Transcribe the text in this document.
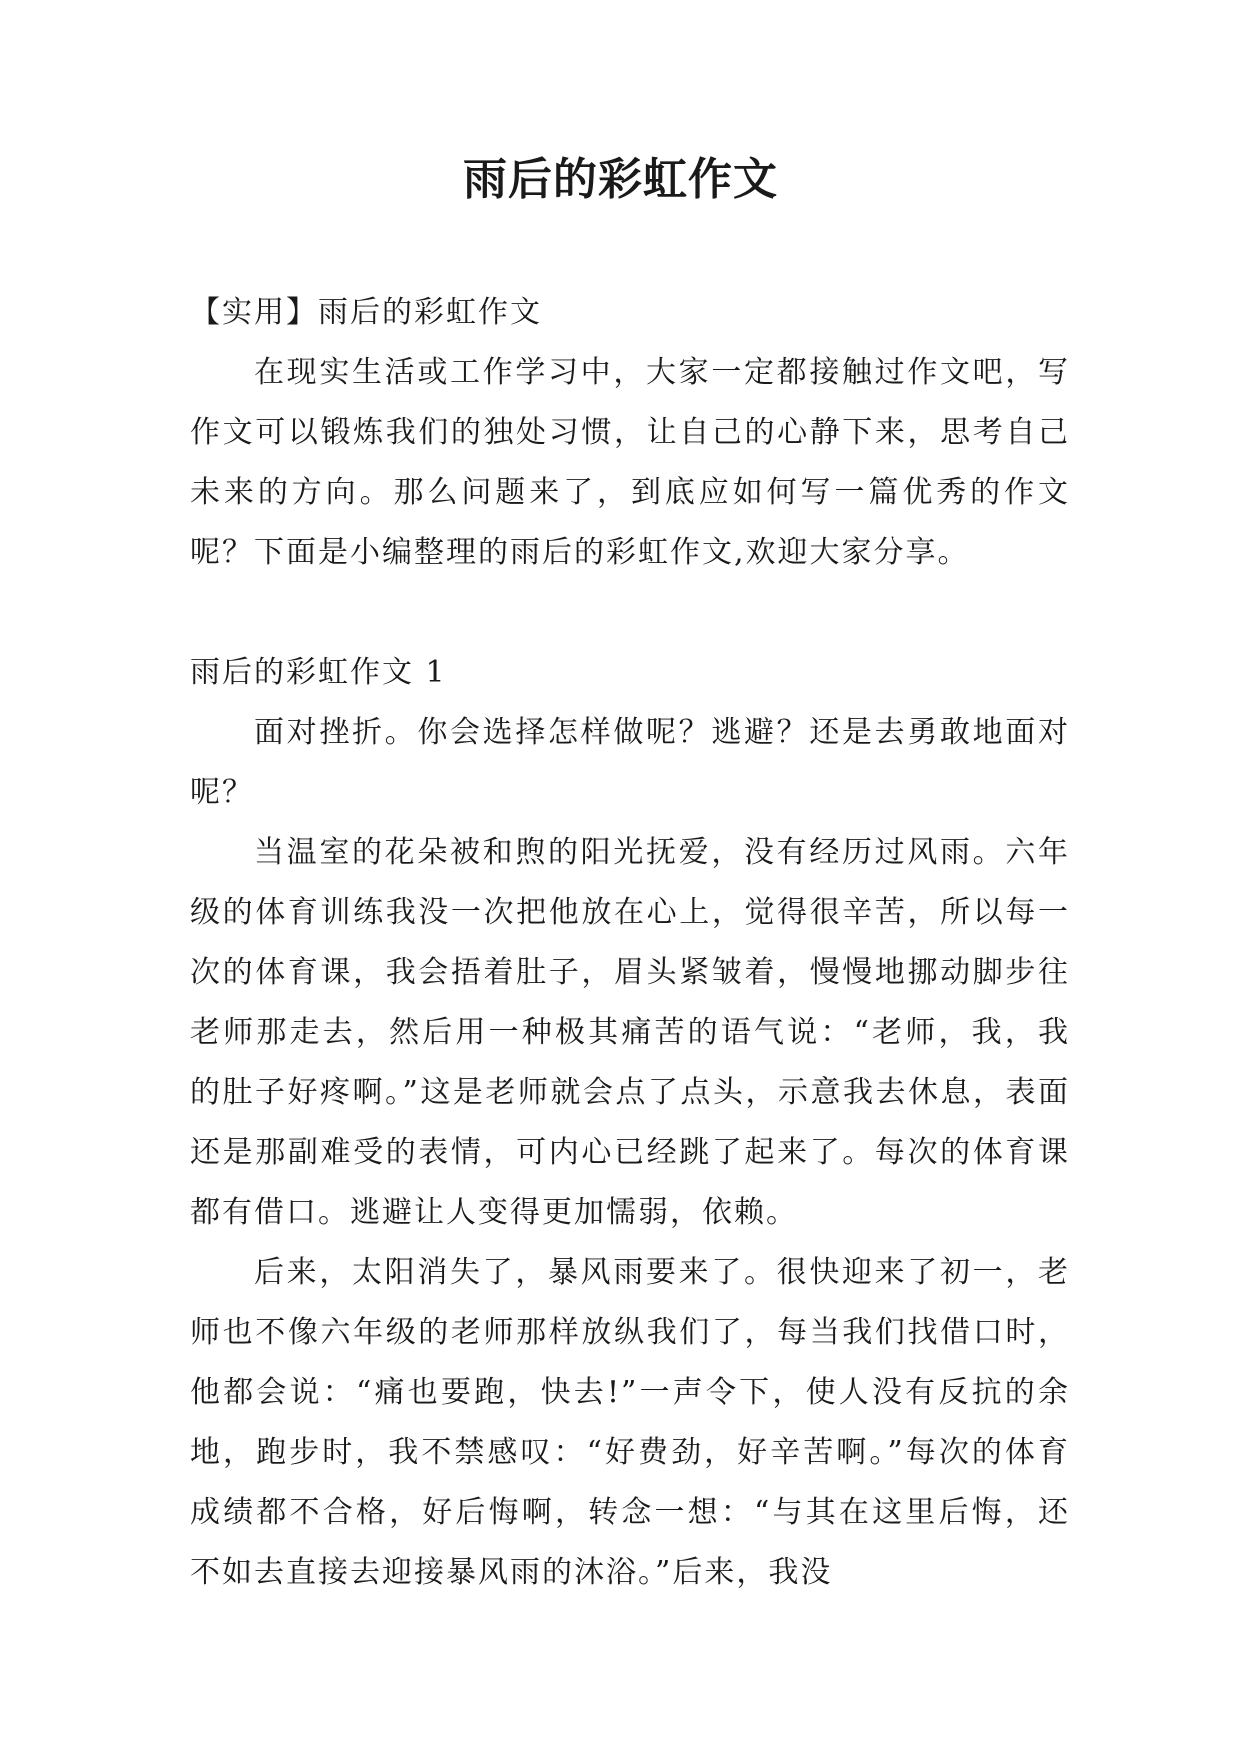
雨后的彩虹作文

【实用】雨后的彩虹作文

在现实生活或工作学习中，大家一定都接触过作文吧，写作文可以锻炼我们的独处习惯，让自己的心静下来，思考自己未来的方向。那么问题来了，到底应如何写一篇优秀的作文呢？下面是小编整理的雨后的彩虹作文,欢迎大家分享。

雨后的彩虹作文 1

面对挫折。你会选择怎样做呢？逃避？还是去勇敢地面对呢？

当温室的花朵被和煦的阳光抚爱，没有经历过风雨。六年级的体育训练我没一次把他放在心上，觉得很辛苦，所以每一次的体育课，我会捂着肚子，眉头紧皱着，慢慢地挪动脚步往老师那走去，然后用一种极其痛苦的语气说：“老师，我，我的肚子好疼啊。”这是老师就会点了点头，示意我去休息，表面还是那副难受的表情，可内心已经跳了起来了。每次的体育课都有借口。逃避让人变得更加懦弱，依赖。

后来，太阳消失了，暴风雨要来了。很快迎来了初一，老师也不像六年级的老师那样放纵我们了，每当我们找借口时，他都会说：“痛也要跑，快去!”一声令下，使人没有反抗的余地，跑步时，我不禁感叹：“好费劲，好辛苦啊。”每次的体育成绩都不合格，好后悔啊，转念一想：“与其在这里后悔，还不如去直接去迎接暴风雨的沐浴。”后来，我没
